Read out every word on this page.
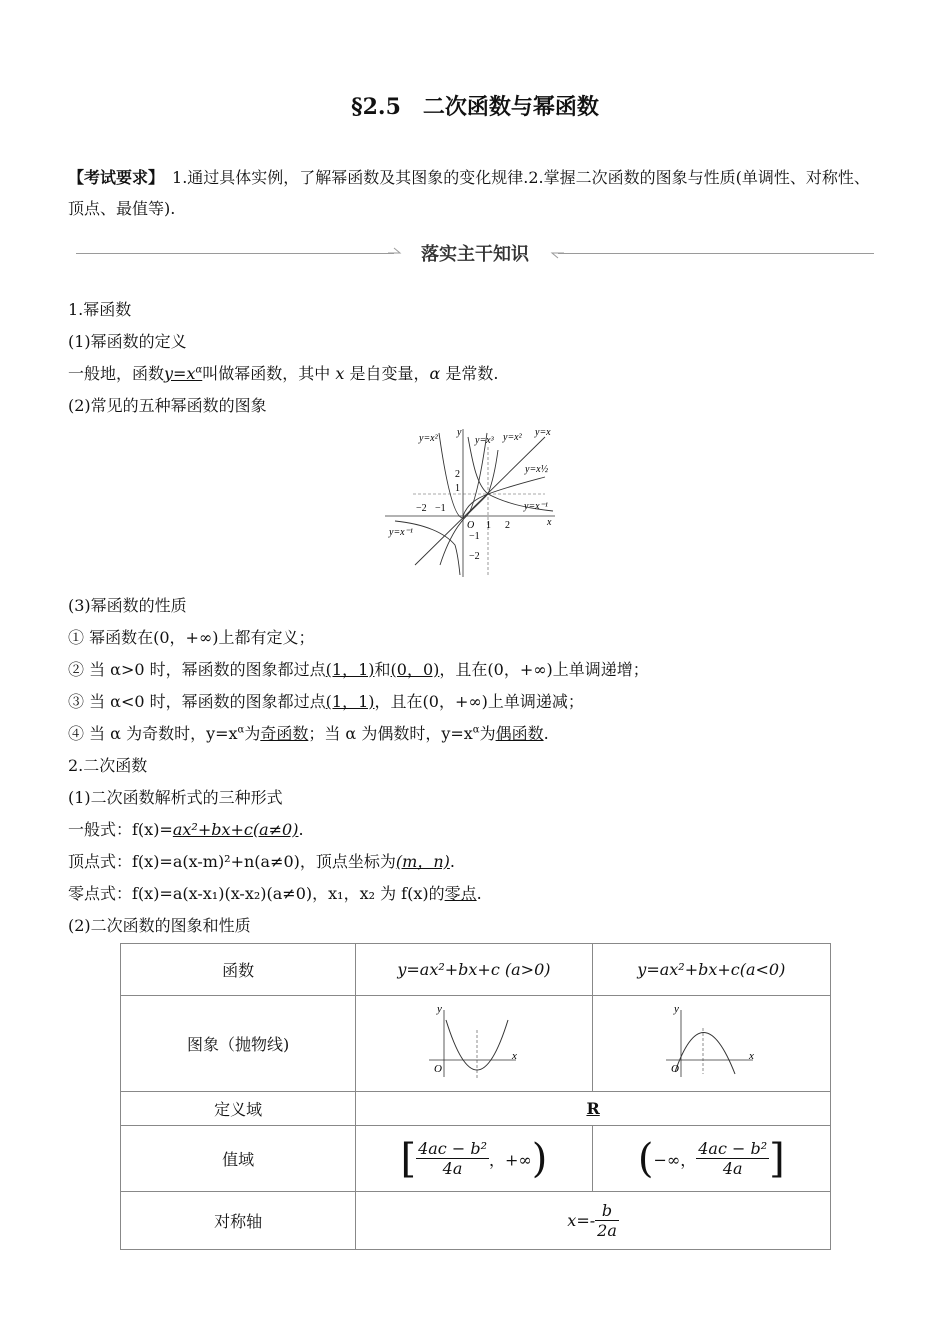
§2.5　二次函数与幂函数
【考试要求】 1.通过具体实例，了解幂函数及其图象的变化规律.2.掌握二次函数的图象与性质(单调性、对称性、顶点、最值等).
落实主干知识
1.幂函数
(1)幂函数的定义
一般地，函数$y=x^\alpha$叫做幂函数，其中 x 是自变量，α 是常数.
(2)常见的五种幂函数的图象
y=x²
y
y=x³ y=x² y=x
y=x½
y=x⁻¹
y=x⁻¹
x
O
2
1
−1
−2
−2 −1
1 2
(3)幂函数的性质
① 幂函数在(0，+∞)上都有定义；
② 当 α>0 时，幂函数的图象都过点(1，1)和(0，0)，且在(0，+∞)上单调递增；
③ 当 α<0 时，幂函数的图象都过点(1，1)，且在(0，+∞)上单调递减；
④ 当 α 为奇数时，$y=x^\alpha$为奇函数；当 α 为偶数时，$y=x^\alpha$为偶函数.
2.二次函数
(1)二次函数解析式的三种形式
一般式：f(x)=ax²+bx+c(a≠0).
顶点式：f(x)=a(x-m)²+n(a≠0)，顶点坐标为(m，n).
零点式：f(x)=a(x-x₁)(x-x₂)(a≠0)，x₁，x₂ 为 f(x)的零点.
(2)二次函数的图象和性质
函数	y=ax²+bx+c (a>0)	y=ax²+bx+c(a<0)
图象（抛物线)	y
x
O	y
x
O

定义域	R	
值域	[ $\frac{\text{4ac − b²}}{4a}$ ，+∞)	(−∞， $\frac{\text{4ac − b²}}{4a}$ ]
对称轴	$x=- \frac{b}{2a}$
